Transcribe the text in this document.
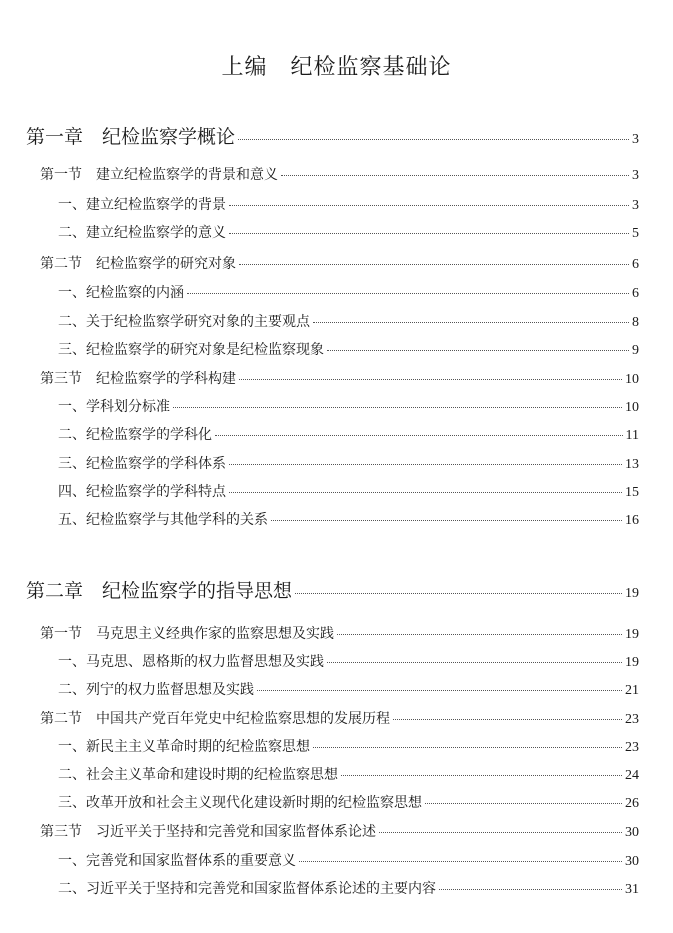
上编　纪检监察基础论
第一章　纪检监察学概论	3
第一节　建立纪检监察学的背景和意义	3
一、建立纪检监察学的背景	3
二、建立纪检监察学的意义	5
第二节　纪检监察学的研究对象	6
一、纪检监察的内涵	6
二、关于纪检监察学研究对象的主要观点	8
三、纪检监察学的研究对象是纪检监察现象	9
第三节　纪检监察学的学科构建	10
一、学科划分标准	10
二、纪检监察学的学科化	11
三、纪检监察学的学科体系	13
四、纪检监察学的学科特点	15
五、纪检监察学与其他学科的关系	16
第二章　纪检监察学的指导思想	19
第一节　马克思主义经典作家的监察思想及实践	19
一、马克思、恩格斯的权力监督思想及实践	19
二、列宁的权力监督思想及实践	21
第二节　中国共产党百年党史中纪检监察思想的发展历程	23
一、新民主主义革命时期的纪检监察思想	23
二、社会主义革命和建设时期的纪检监察思想	24
三、改革开放和社会主义现代化建设新时期的纪检监察思想	26
第三节　习近平关于坚持和完善党和国家监督体系论述	30
一、完善党和国家监督体系的重要意义	30
二、习近平关于坚持和完善党和国家监督体系论述的主要内容	31
